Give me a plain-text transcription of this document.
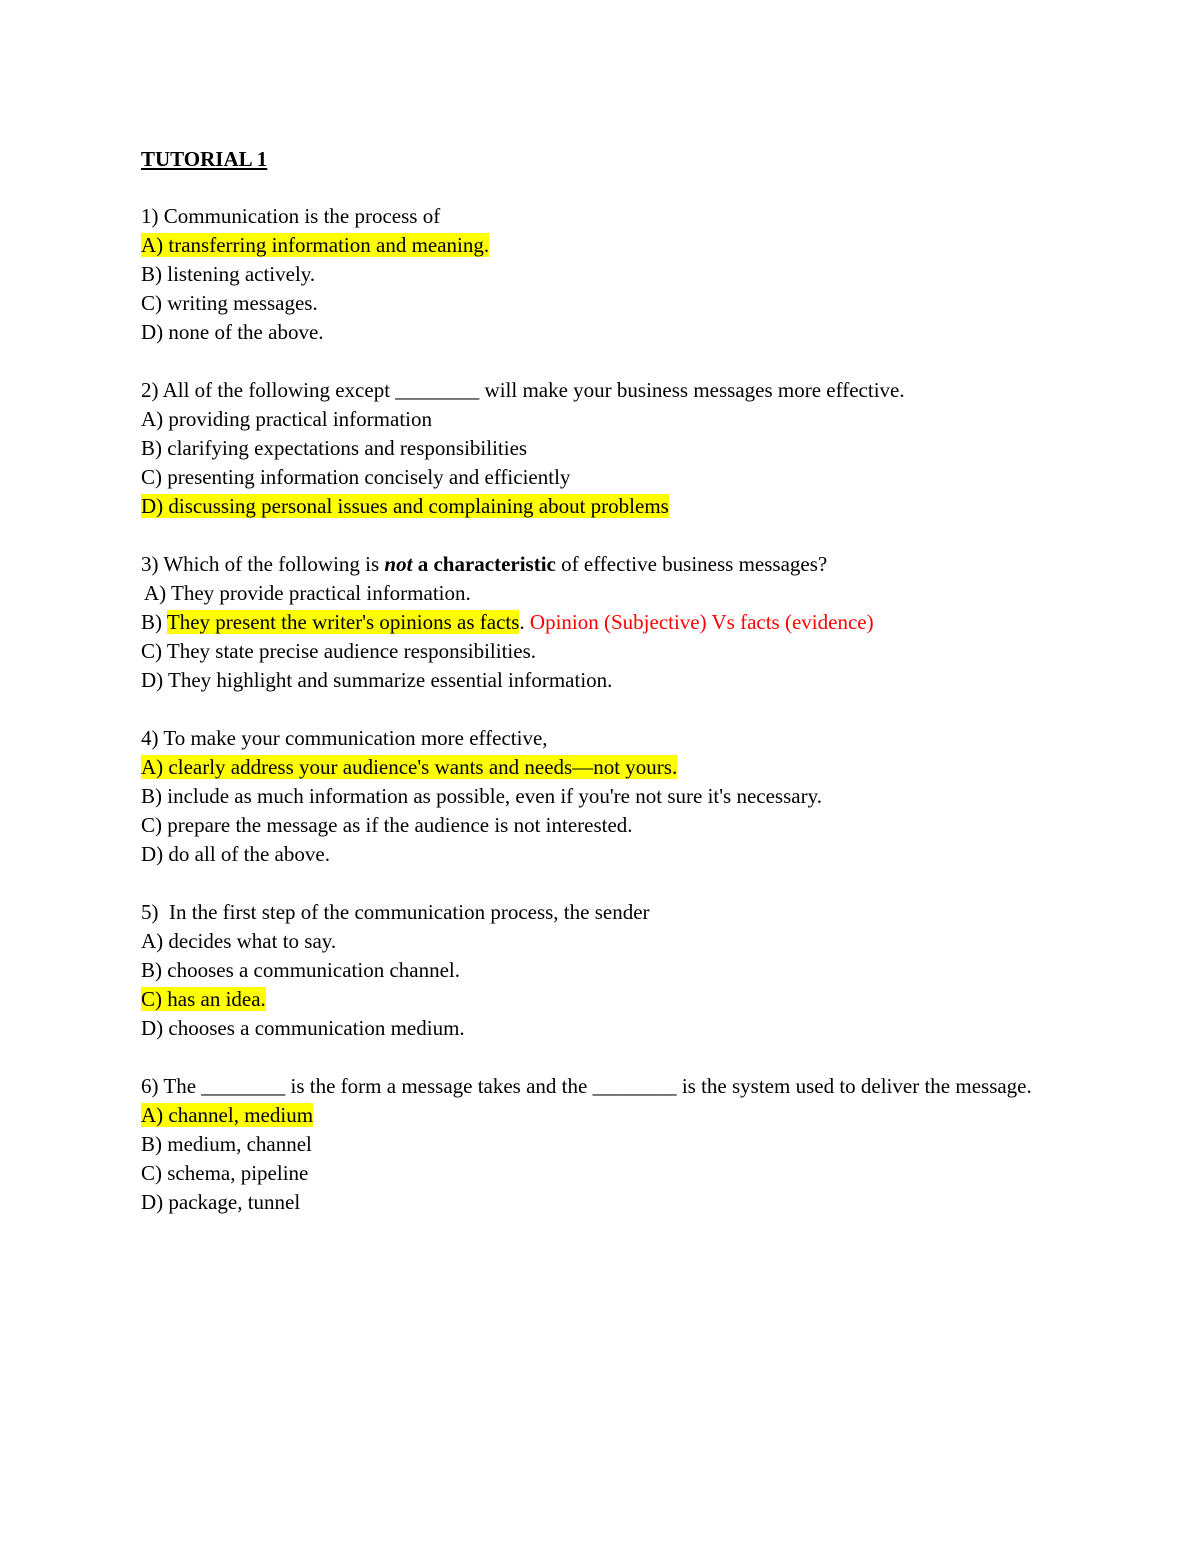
TUTORIAL 1
1) Communication is the process of
A) transferring information and meaning.
B) listening actively.
C) writing messages.
D) none of the above.
2) All of the following except ________ will make your business messages more effective.
A) providing practical information
B) clarifying expectations and responsibilities
C) presenting information concisely and efficiently
D) discussing personal issues and complaining about problems
3) Which of the following is not a characteristic of effective business messages?
A) They provide practical information.
B) They present the writer's opinions as facts. Opinion (Subjective) Vs facts (evidence)
C) They state precise audience responsibilities.
D) They highlight and summarize essential information.
4) To make your communication more effective,
A) clearly address your audience's wants and needs—not yours.
B) include as much information as possible, even if you're not sure it's necessary.
C) prepare the message as if the audience is not interested.
D) do all of the above.
5)  In the first step of the communication process, the sender
A) decides what to say.
B) chooses a communication channel.
C) has an idea.
D) chooses a communication medium.
6) The ________ is the form a message takes and the ________ is the system used to deliver the message.
A) channel, medium
B) medium, channel
C) schema, pipeline
D) package, tunnel
